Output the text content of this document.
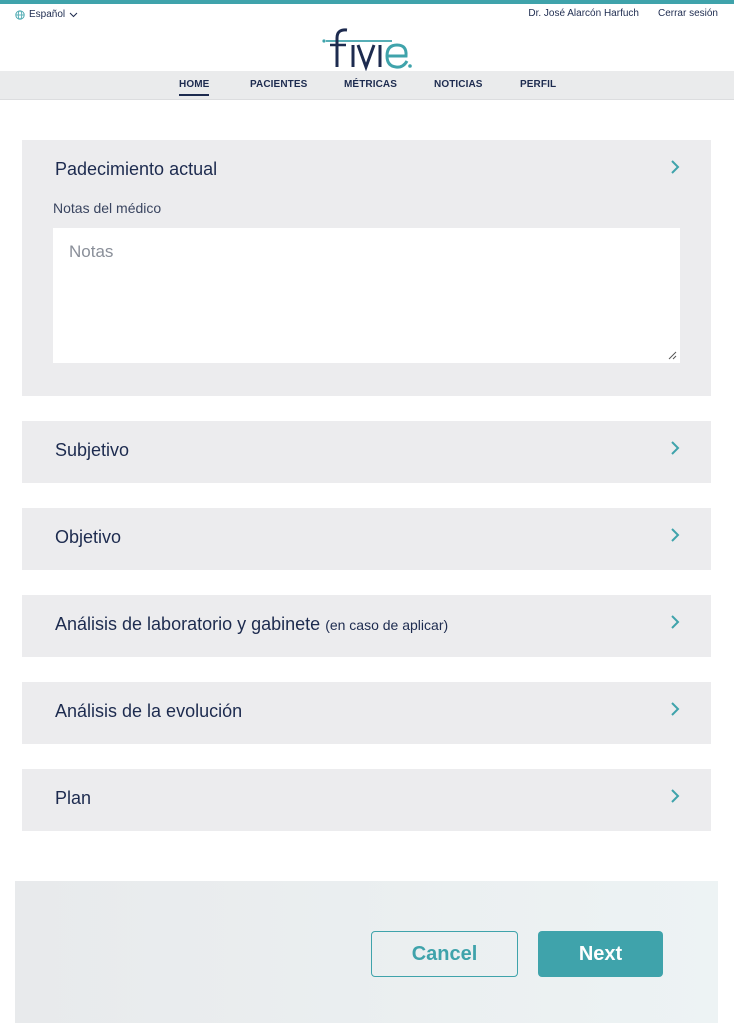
Español	Dr. José Alarcón Harfuch Cerrar sesión
HOME	PACIENTES	MÉTRICAS	NOTICIAS	PERFIL
Padecimiento actual
Notas del médico
Notas
Subjetivo
Objetivo
Análisis de laboratorio y gabinete (en caso de aplicar)
Análisis de la evolución
Plan
Cancel	Next
